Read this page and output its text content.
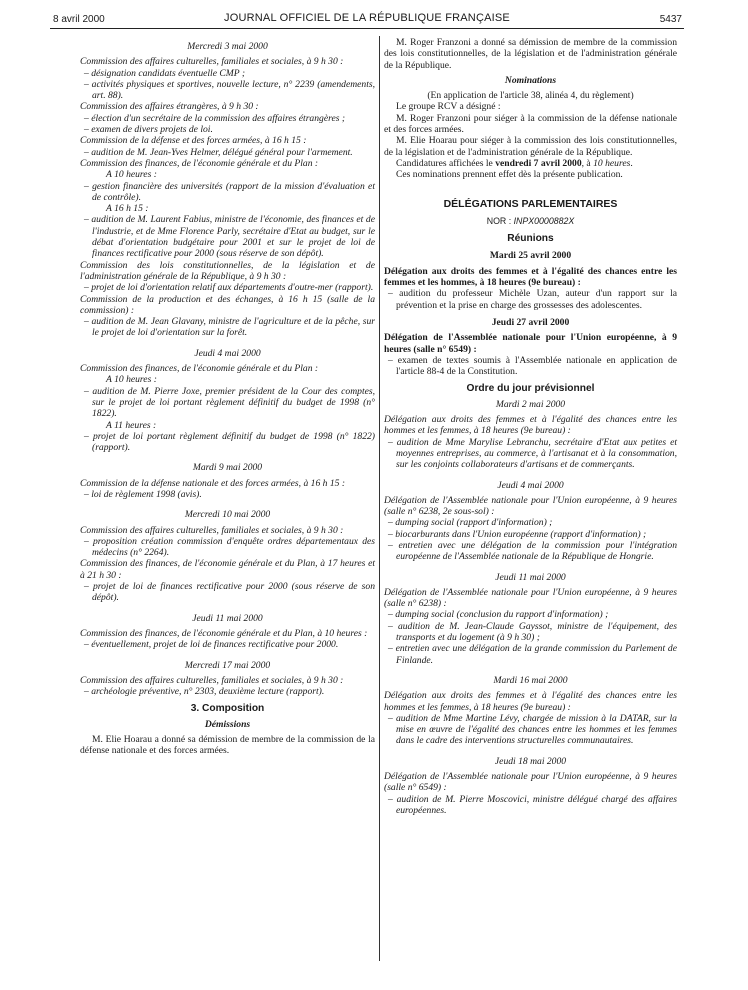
8 avril 2000	JOURNAL OFFICIEL DE LA RÉPUBLIQUE FRANÇAISE	5437
Mercredi 3 mai 2000
Commission des affaires culturelles, familiales et sociales, à 9 h 30 :
– désignation candidats éventuelle CMP ;
– activités physiques et sportives, nouvelle lecture, n° 2239 (amendements, art. 88).
Commission des affaires étrangères, à 9 h 30 :
– élection d'un secrétaire de la commission des affaires étrangères ;
– examen de divers projets de loi.
Commission de la défense et des forces armées, à 16 h 15 :
– audition de M. Jean-Yves Helmer, délégué général pour l'armement.
Commission des finances, de l'économie générale et du Plan :
A 10 heures :
– gestion financière des universités (rapport de la mission d'évaluation et de contrôle).
A 16 h 15 :
– audition de M. Laurent Fabius, ministre de l'économie, des finances et de l'industrie, et de Mme Florence Parly, secrétaire d'Etat au budget, sur le débat d'orientation budgétaire pour 2001 et sur le projet de loi de finances rectificative pour 2000 (sous réserve de son dépôt).
Commission des lois constitutionnelles, de la législation et de l'administration générale de la République, à 9 h 30 :
– projet de loi d'orientation relatif aux départements d'outre-mer (rapport).
Commission de la production et des échanges, à 16 h 15 (salle de la commission) :
– audition de M. Jean Glavany, ministre de l'agriculture et de la pêche, sur le projet de loi d'orientation sur la forêt.
Jeudi 4 mai 2000
Commission des finances, de l'économie générale et du Plan :
A 10 heures :
– audition de M. Pierre Joxe, premier président de la Cour des comptes, sur le projet de loi portant règlement définitif du budget de 1998 (n° 1822).
A 11 heures :
– projet de loi portant règlement définitif du budget de 1998 (n° 1822) (rapport).
Mardi 9 mai 2000
Commission de la défense nationale et des forces armées, à 16 h 15 :
– loi de règlement 1998 (avis).
Mercredi 10 mai 2000
Commission des affaires culturelles, familiales et sociales, à 9 h 30 :
– proposition création commission d'enquête ordres départementaux des médecins (n° 2264).
Commission des finances, de l'économie générale et du Plan, à 17 heures et à 21 h 30 :
– projet de loi de finances rectificative pour 2000 (sous réserve de son dépôt).
Jeudi 11 mai 2000
Commission des finances, de l'économie générale et du Plan, à 10 heures :
– éventuellement, projet de loi de finances rectificative pour 2000.
Mercredi 17 mai 2000
Commission des affaires culturelles, familiales et sociales, à 9 h 30 :
– archéologie préventive, n° 2303, deuxième lecture (rapport).
3. Composition
Démissions
M. Elie Hoarau a donné sa démission de membre de la commission de la défense nationale et des forces armées.
M. Roger Franzoni a donné sa démission de membre de la commission des lois constitutionnelles, de la législation et de l'administration générale de la République.
Nominations
(En application de l'article 38, alinéa 4, du règlement)
Le groupe RCV a désigné :
M. Roger Franzoni pour siéger à la commission de la défense nationale et des forces armées.
M. Elie Hoarau pour siéger à la commission des lois constitutionnelles, de la législation et de l'administration générale de la République.
Candidatures affichées le vendredi 7 avril 2000, à 10 heures.
Ces nominations prennent effet dès la présente publication.
DÉLÉGATIONS PARLEMENTAIRES
NOR : INPX0000882X
Réunions
Mardi 25 avril 2000
Délégation aux droits des femmes et à l'égalité des chances entre les femmes et les hommes, à 18 heures (9e bureau) :
– audition du professeur Michèle Uzan, auteur d'un rapport sur la prévention et la prise en charge des grossesses des adolescentes.
Jeudi 27 avril 2000
Délégation de l'Assemblée nationale pour l'Union européenne, à 9 heures (salle n° 6549) :
– examen de textes soumis à l'Assemblée nationale en application de l'article 88-4 de la Constitution.
Ordre du jour prévisionnel
Mardi 2 mai 2000
Délégation aux droits des femmes et à l'égalité des chances entre les hommes et les femmes, à 18 heures (9e bureau) :
– audition de Mme Marylise Lebranchu, secrétaire d'Etat aux petites et moyennes entreprises, au commerce, à l'artisanat et à la consommation, sur les conjoints collaborateurs d'artisans et de commerçants.
Jeudi 4 mai 2000
Délégation de l'Assemblée nationale pour l'Union européenne, à 9 heures (salle n° 6238, 2e sous-sol) :
– dumping social (rapport d'information) ;
– biocarburants dans l'Union européenne (rapport d'information) ;
– entretien avec une délégation de la commission pour l'intégration européenne de l'Assemblée nationale de la République de Hongrie.
Jeudi 11 mai 2000
Délégation de l'Assemblée nationale pour l'Union européenne, à 9 heures (salle n° 6238) :
– dumping social (conclusion du rapport d'information) ;
– audition de M. Jean-Claude Gayssot, ministre de l'équipement, des transports et du logement (à 9 h 30) ;
– entretien avec une délégation de la grande commission du Parlement de Finlande.
Mardi 16 mai 2000
Délégation aux droits des femmes et à l'égalité des chances entre les hommes et les femmes, à 18 heures (9e bureau) :
– audition de Mme Martine Lévy, chargée de mission à la DATAR, sur la mise en œuvre de l'égalité des chances entre les hommes et les femmes dans le cadre des interventions structurelles communautaires.
Jeudi 18 mai 2000
Délégation de l'Assemblée nationale pour l'Union européenne, à 9 heures (salle n° 6549) :
– audition de M. Pierre Moscovici, ministre délégué chargé des affaires européennes.
